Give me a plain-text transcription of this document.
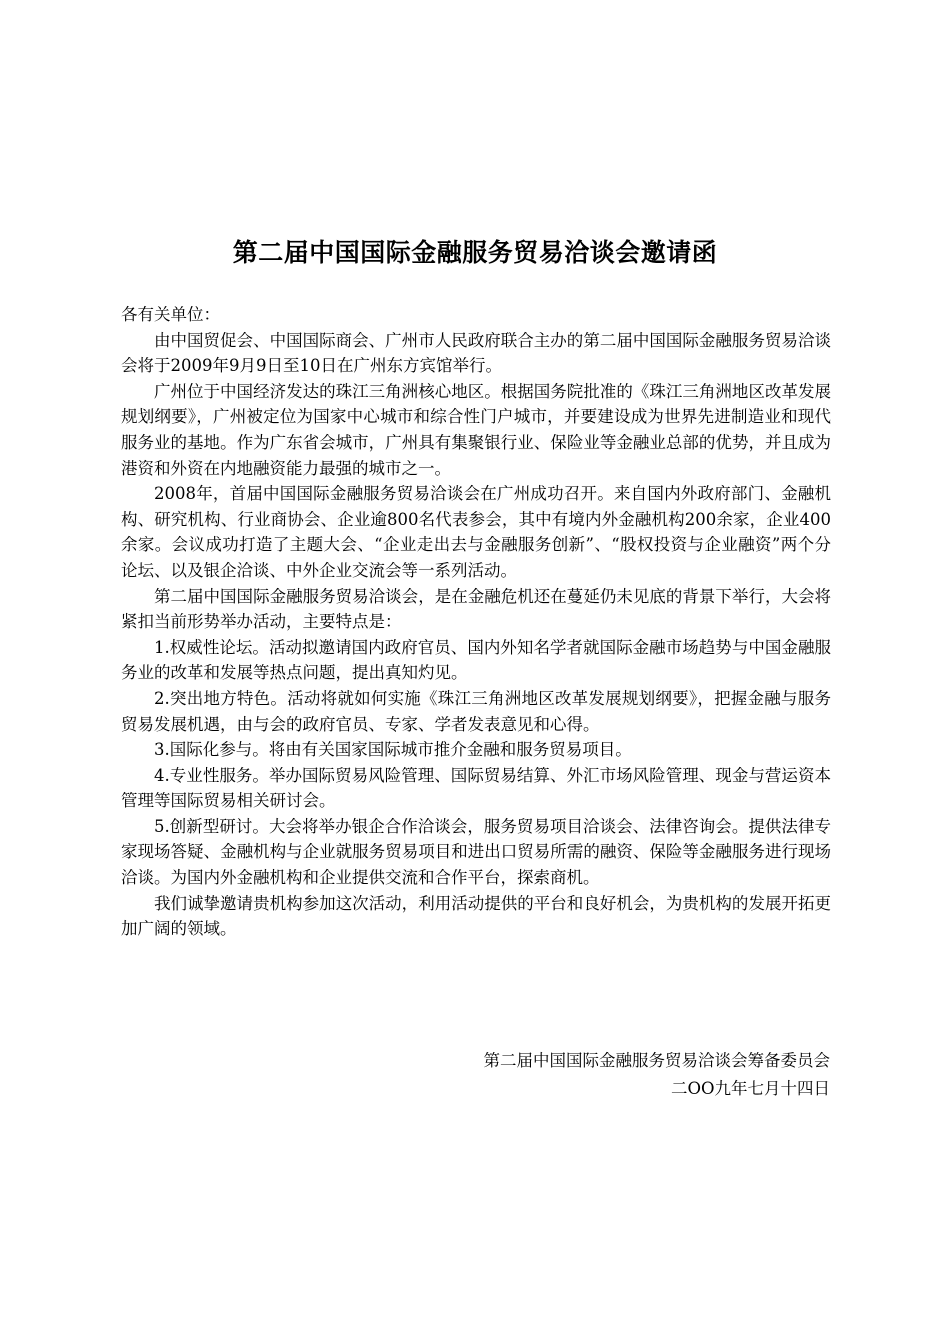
第二届中国国际金融服务贸易洽谈会邀请函

各有关单位：

由中国贸促会、中国国际商会、广州市人民政府联合主办的第二届中国国际金融服务贸易洽谈会将于2009年9月9日至10日在广州东方宾馆举行。

广州位于中国经济发达的珠江三角洲核心地区。根据国务院批准的《珠江三角洲地区改革发展规划纲要》，广州被定位为国家中心城市和综合性门户城市，并要建设成为世界先进制造业和现代服务业的基地。作为广东省会城市，广州具有集聚银行业、保险业等金融业总部的优势，并且成为港资和外资在内地融资能力最强的城市之一。

2008年，首届中国国际金融服务贸易洽谈会在广州成功召开。来自国内外政府部门、金融机构、研究机构、行业商协会、企业逾800名代表参会，其中有境内外金融机构200余家，企业400余家。会议成功打造了主题大会、“企业走出去与金融服务创新”、“股权投资与企业融资”两个分论坛、以及银企洽谈、中外企业交流会等一系列活动。

第二届中国国际金融服务贸易洽谈会，是在金融危机还在蔓延仍未见底的背景下举行，大会将紧扣当前形势举办活动，主要特点是：

1.权威性论坛。活动拟邀请国内政府官员、国内外知名学者就国际金融市场趋势与中国金融服务业的改革和发展等热点问题，提出真知灼见。

2.突出地方特色。活动将就如何实施《珠江三角洲地区改革发展规划纲要》，把握金融与服务贸易发展机遇，由与会的政府官员、专家、学者发表意见和心得。

3.国际化参与。将由有关国家国际城市推介金融和服务贸易项目。

4.专业性服务。举办国际贸易风险管理、国际贸易结算、外汇市场风险管理、现金与营运资本管理等国际贸易相关研讨会。

5.创新型研讨。大会将举办银企合作洽谈会，服务贸易项目洽谈会、法律咨询会。提供法律专家现场答疑、金融机构与企业就服务贸易项目和进出口贸易所需的融资、保险等金融服务进行现场洽谈。为国内外金融机构和企业提供交流和合作平台，探索商机。

我们诚挚邀请贵机构参加这次活动，利用活动提供的平台和良好机会，为贵机构的发展开拓更加广阔的领域。

第二届中国国际金融服务贸易洽谈会筹备委员会
二OO九年七月十四日
